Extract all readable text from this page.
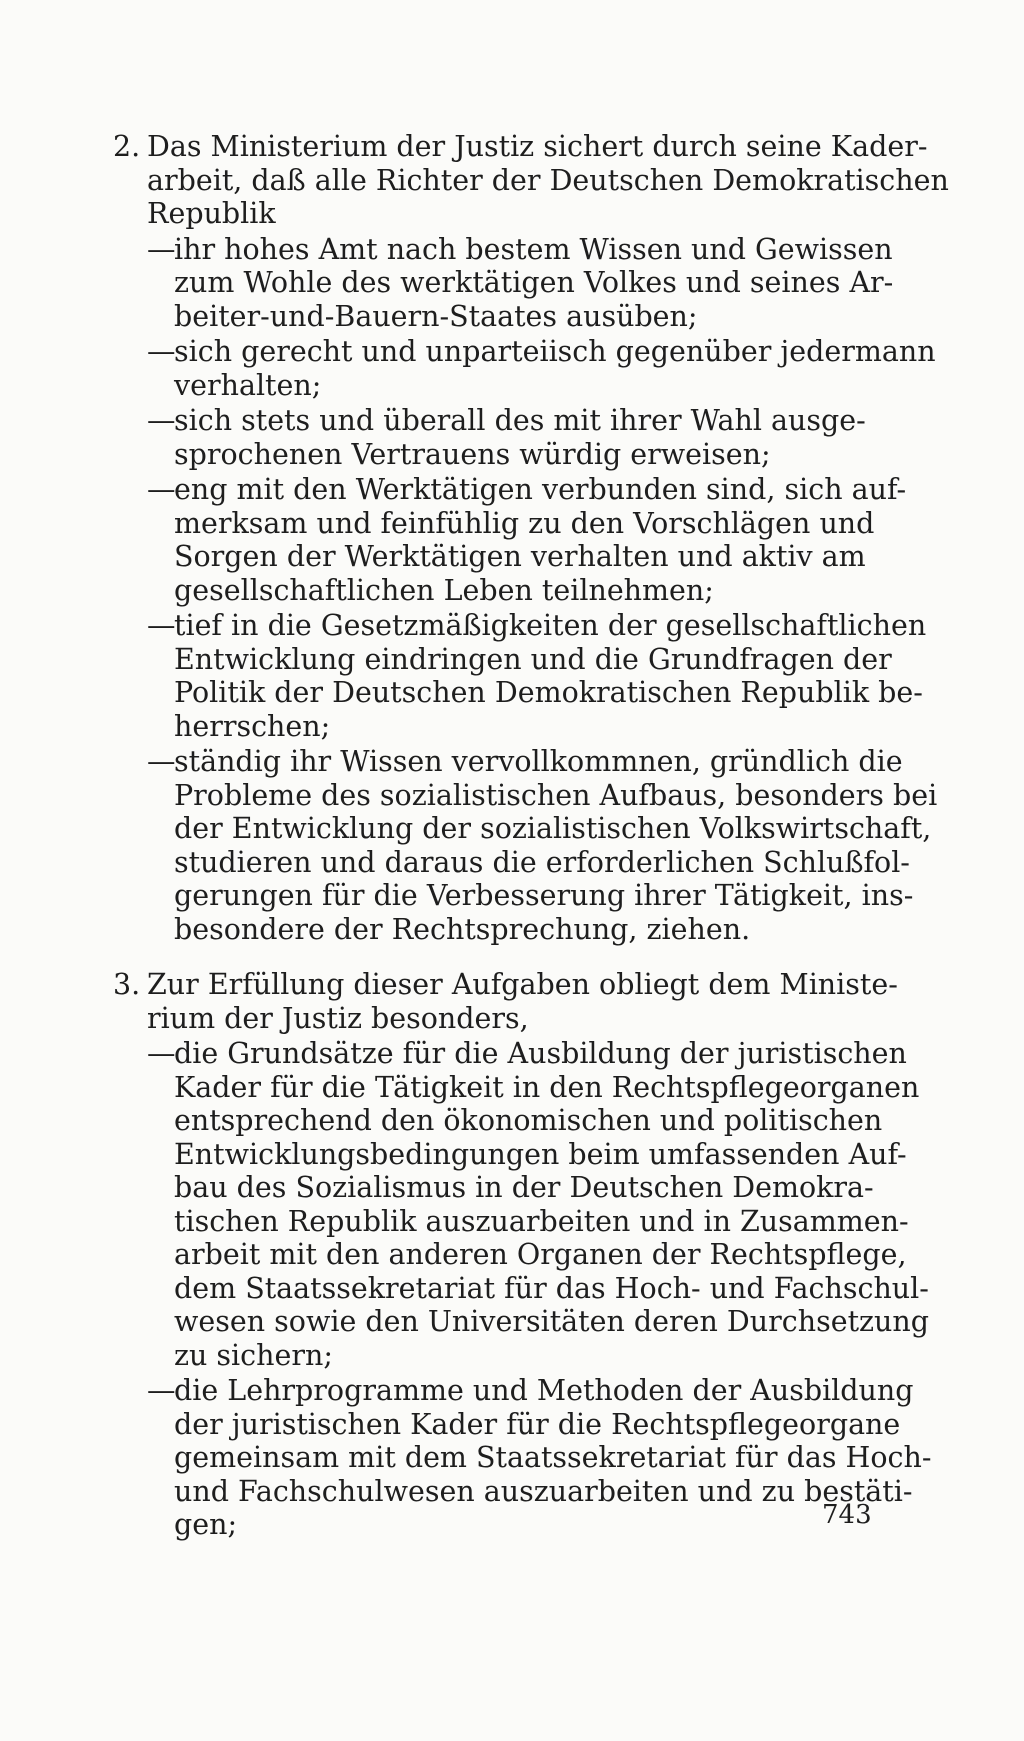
2. Das Ministerium der Justiz sichert durch seine Kader-
arbeit, daß alle Richter der Deutschen Demokratischen
Republik
—
ihr hohes Amt nach bestem Wissen und Gewissen
zum Wohle des werktätigen Volkes und seines Ar-
beiter-und-Bauern-Staates ausüben;
—
sich gerecht und unparteiisch gegenüber jedermann
verhalten;
—
sich stets und überall des mit ihrer Wahl ausge-
sprochenen Vertrauens würdig erweisen;
—
eng mit den Werktätigen verbunden sind, sich auf-
merksam und feinfühlig zu den Vorschlägen und
Sorgen der Werktätigen verhalten und aktiv am
gesellschaftlichen Leben teilnehmen;
—
tief in die Gesetzmäßigkeiten der gesellschaftlichen
Entwicklung eindringen und die Grundfragen der
Politik der Deutschen Demokratischen Republik be-
herrschen;
—
ständig ihr Wissen vervollkommnen, gründlich die
Probleme des sozialistischen Aufbaus, besonders bei
der Entwicklung der sozialistischen Volkswirtschaft,
studieren und daraus die erforderlichen Schlußfol-
gerungen für die Verbesserung ihrer Tätigkeit, ins-
besondere der Rechtsprechung, ziehen.
3. Zur Erfüllung dieser Aufgaben obliegt dem Ministe-
rium der Justiz besonders,
—
die Grundsätze für die Ausbildung der juristischen
Kader für die Tätigkeit in den Rechtspflegeorganen
entsprechend den ökonomischen und politischen
Entwicklungsbedingungen beim umfassenden Auf-
bau des Sozialismus in der Deutschen Demokra-
tischen Republik auszuarbeiten und in Zusammen-
arbeit mit den anderen Organen der Rechtspflege,
dem Staatssekretariat für das Hoch- und Fachschul-
wesen sowie den Universitäten deren Durchsetzung
zu sichern;
—
die Lehrprogramme und Methoden der Ausbildung
der juristischen Kader für die Rechtspflegeorgane
gemeinsam mit dem Staatssekretariat für das Hoch-
und Fachschulwesen auszuarbeiten und zu bestäti-
gen;	743
